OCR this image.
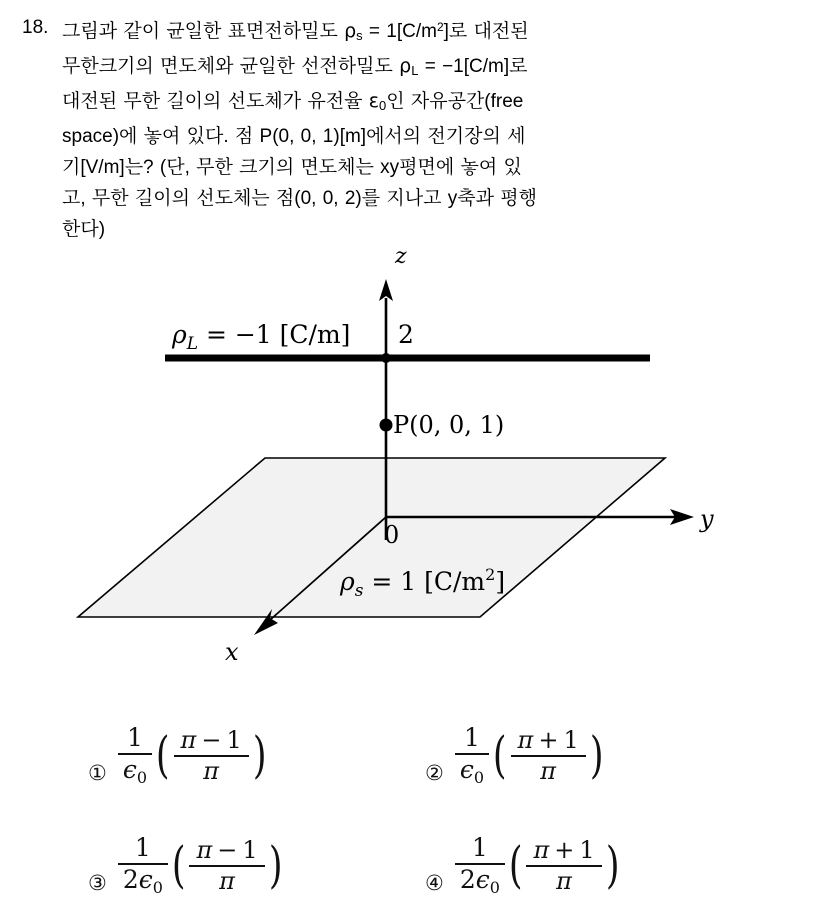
18. 그림과 같이 균일한 표면전하밀도 $\rho_s = 1[C/m^2]$로 대전된
무한크기의 면도체와 균일한 선전하밀도 $\rho_L = -1[C/m]$로
대전된 무한 길이의 선도체가 유전율 $\varepsilon_0$인 자유공간(free
space)에 놓여 있다. 점 P(0, 0, 1)[m]에서의 전기장의 세
기[V/m]는? (단, 무한 크기의 면도체는 xy평면에 놓여 있
고, 무한 길이의 선도체는 점(0, 0, 2)를 지나고 y축과 평행
한다)
z
2
P(0, 0, 1)
0
y
x
$\rho_L = -1$ [C/m]
$\rho_s = 1$ $[C/m^2]$
① $\frac{1}{\epsilon_0}$ ( $\frac{\pi - 1}{\pi}$ )	② $\frac{1}{\epsilon_0}$ ( $\frac{\pi + 1}{\pi}$ )
③ $\frac{1}{2\epsilon_0}$ ( $\frac{\pi - 1}{\pi}$ )	④ $\frac{1}{2\epsilon_0}$ ( $\frac{\pi + 1}{\pi}$ )
